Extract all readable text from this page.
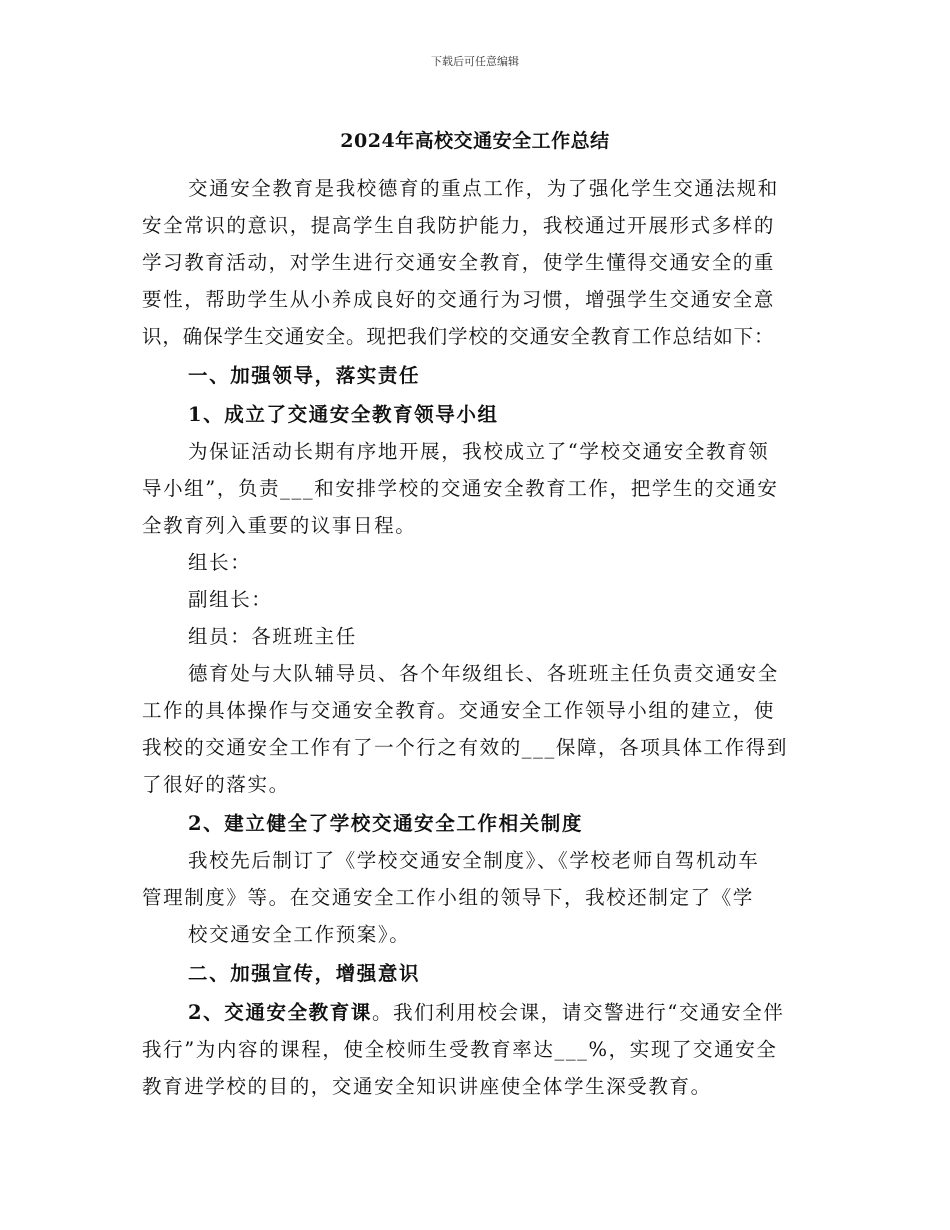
下载后可任意编辑
2024年高校交通安全工作总结
交通安全教育是我校德育的重点工作，为了强化学生交通法规和
安全常识的意识，提高学生自我防护能力，我校通过开展形式多样的
学习教育活动，对学生进行交通安全教育，使学生懂得交通安全的重
要性，帮助学生从小养成良好的交通行为习惯，增强学生交通安全意
识，确保学生交通安全。现把我们学校的交通安全教育工作总结如下：
一、加强领导，落实责任
1、成立了交通安全教育领导小组
为保证活动长期有序地开展，我校成立了“学校交通安全教育领
导小组”，负责___和安排学校的交通安全教育工作，把学生的交通安
全教育列入重要的议事日程。
组长：
副组长：
组员：各班班主任
德育处与大队辅导员、各个年级组长、各班班主任负责交通安全
工作的具体操作与交通安全教育。交通安全工作领导小组的建立，使
我校的交通安全工作有了一个行之有效的___保障，各项具体工作得到
了很好的落实。
2、建立健全了学校交通安全工作相关制度
我校先后制订了《学校交通安全制度》、《学校老师自驾机动车
管理制度》等。在交通安全工作小组的领导下，我校还制定了《学
校交通安全工作预案》。
二、加强宣传，增强意识
2、交通安全教育课。我们利用校会课，请交警进行“交通安全伴
我行”为内容的课程，使全校师生受教育率达___%，实现了交通安全
教育进学校的目的，交通安全知识讲座使全体学生深受教育。
